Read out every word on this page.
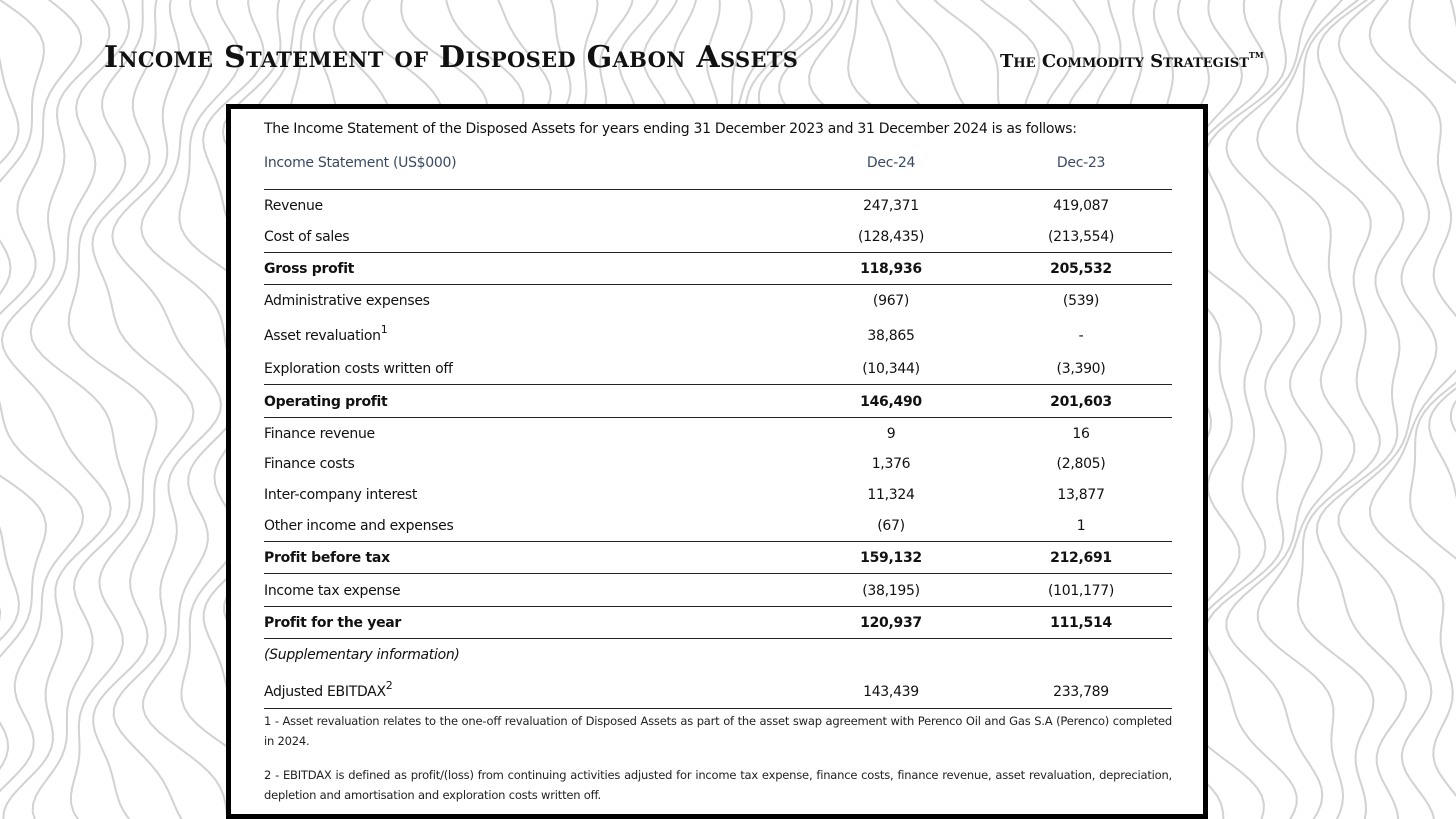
Income Statement of Disposed Gabon Assets	The Commodity Strategist™
The Income Statement of the Disposed Assets for years ending 31 December 2023 and 31 December 2024 is as follows:
Income Statement (US$000)	Dec-24	Dec-23
Revenue	247,371	419,087
Cost of sales	(128,435)	(213,554)
Gross profit	118,936	205,532
Administrative expenses	(967)	(539)
Asset revaluation$^1$	38,865	-
Exploration costs written off	(10,344)	(3,390)
Operating profit	146,490	201,603
Finance revenue	9	16
Finance costs	1,376	(2,805)
Inter-company interest	11,324	13,877
Other income and expenses	(67)	1
Profit before tax	159,132	212,691
Income tax expense	(38,195)	(101,177)
Profit for the year	120,937	111,514
(Supplementary information)
Adjusted EBITDAX$^2$	143,439	233,789
1 - Asset revaluation relates to the one-off revaluation of Disposed Assets as part of the asset swap agreement with Perenco Oil and Gas S.A (Perenco) completed in 2024.
2 - EBITDAX is defined as profit/(loss) from continuing activities adjusted for income tax expense, finance costs, finance revenue, asset revaluation, depreciation, depletion and amortisation and exploration costs written off.
